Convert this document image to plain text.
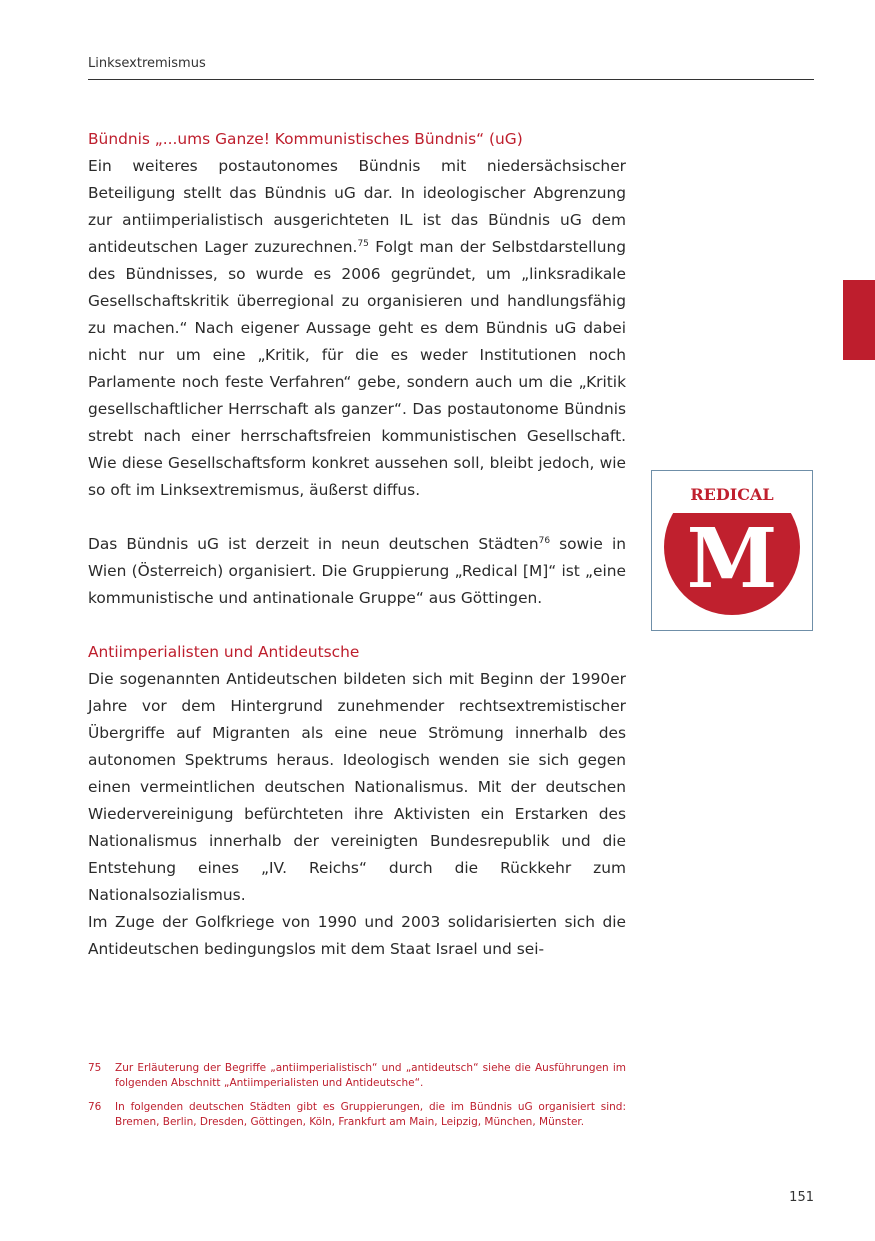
Linksextremismus
Bündnis „...ums Ganze! Kommunistisches Bündnis“ (uG)

Ein weiteres postautonomes Bündnis mit niedersächsischer Beteiligung stellt das Bündnis uG dar. In ideologischer Abgrenzung zur antiimperialistisch ausgerichteten IL ist das Bündnis uG dem antideutschen Lager zuzurechnen.$^{75}$ Folgt man der Selbstdarstellung des Bündnisses, so wurde es 2006 gegründet, um „linksradikale Gesellschaftskritik überregional zu organisieren und handlungsfähig zu machen.“ Nach eigener Aussage geht es dem Bündnis uG dabei nicht nur um eine „Kritik, für die es weder Institutionen noch Parlamente noch feste Verfahren“ gebe, sondern auch um die „Kritik gesellschaftlicher Herrschaft als ganzer“. Das postautonome Bündnis strebt nach einer herrschaftsfreien kommunistischen Gesellschaft. Wie diese Gesellschaftsform konkret aussehen soll, bleibt jedoch, wie so oft im Linksextremismus, äußerst diffus.

Das Bündnis uG ist derzeit in neun deutschen Städten$^{76}$ sowie in Wien (Österreich) organisiert. Die Gruppierung „Redical [M]“ ist „eine kommunistische und antinationale Gruppe“ aus Göttingen.

Antiimperialisten und Antideutsche

Die sogenannten Antideutschen bildeten sich mit Beginn der 1990er Jahre vor dem Hintergrund zunehmender rechtsextremistischer Übergriffe auf Migranten als eine neue Strömung innerhalb des autonomen Spektrums heraus. Ideologisch wenden sie sich gegen einen vermeintlichen deutschen Nationalismus. Mit der deutschen Wiedervereinigung befürchteten ihre Aktivisten ein Erstarken des Nationalismus innerhalb der vereinigten Bundesrepublik und die Entstehung eines „IV. Reichs“ durch die Rückkehr zum Nationalsozialismus.

Im Zuge der Golfkriege von 1990 und 2003 solidarisierten sich die Antideutschen bedingungslos mit dem Staat Israel und sei-

REDICAL
M
75	Zur Erläuterung der Begriffe „antiimperialistisch“ und „antideutsch“ siehe die Ausführungen im folgenden Abschnitt „Antiimperialisten und Antideutsche“.
76	In folgenden deutschen Städten gibt es Gruppierungen, die im Bündnis uG organisiert sind: Bremen, Berlin, Dresden, Göttingen, Köln, Frankfurt am Main, Leipzig, München, Münster.
151
